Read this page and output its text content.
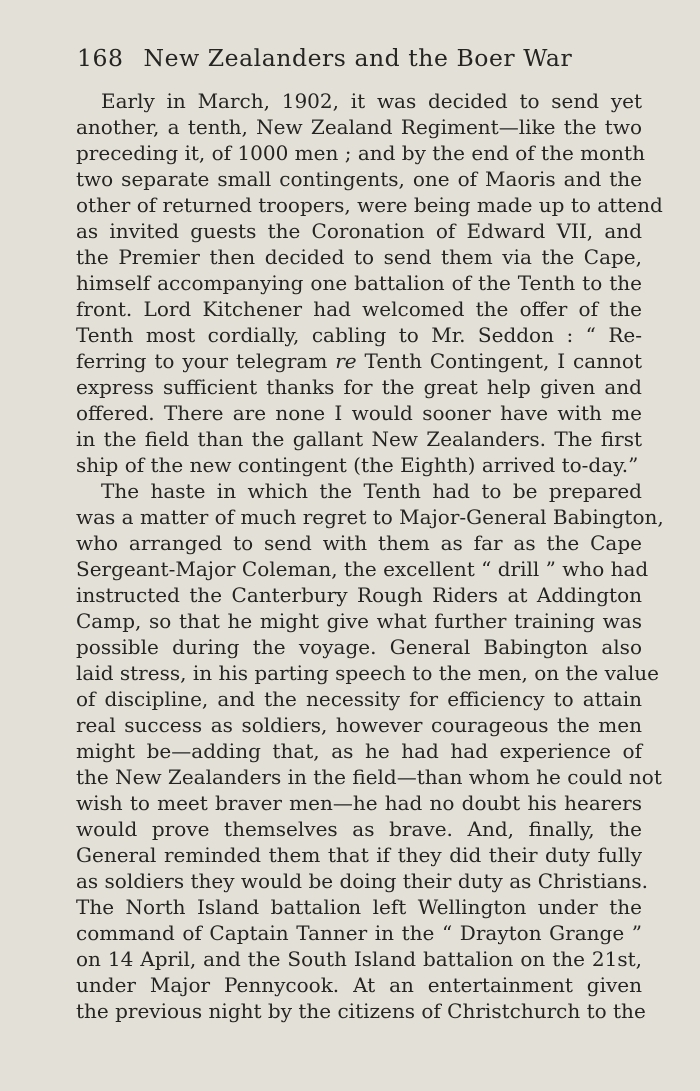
168 New Zealanders and the Boer War
Early in March, 1902, it was decided to send yet
another, a tenth, New Zealand Regiment—like the two
preceding it, of 1000 men ; and by the end of the month
two separate small contingents, one of Maoris and the
other of returned troopers, were being made up to attend
as invited guests the Coronation of Edward VII, and
the Premier then decided to send them via the Cape,
himself accompanying one battalion of the Tenth to the
front. Lord Kitchener had welcomed the offer of the
Tenth most cordially, cabling to Mr. Seddon : “ Re-
ferring to your telegram re Tenth Contingent, I cannot
express sufficient thanks for the great help given and
offered. There are none I would sooner have with me
in the field than the gallant New Zealanders. The first
ship of the new contingent (the Eighth) arrived to-day.”
The haste in which the Tenth had to be prepared
was a matter of much regret to Major-General Babington,
who arranged to send with them as far as the Cape
Sergeant-Major Coleman, the excellent “ drill ” who had
instructed the Canterbury Rough Riders at Addington
Camp, so that he might give what further training was
possible during the voyage. General Babington also
laid stress, in his parting speech to the men, on the value
of discipline, and the necessity for efficiency to attain
real success as soldiers, however courageous the men
might be—adding that, as he had had experience of
the New Zealanders in the field—than whom he could not
wish to meet braver men—he had no doubt his hearers
would prove themselves as brave. And, finally, the
General reminded them that if they did their duty fully
as soldiers they would be doing their duty as Christians.
The North Island battalion left Wellington under the
command of Captain Tanner in the “ Drayton Grange ”
on 14 April, and the South Island battalion on the 21st,
under Major Pennycook. At an entertainment given
the previous night by the citizens of Christchurch to the
